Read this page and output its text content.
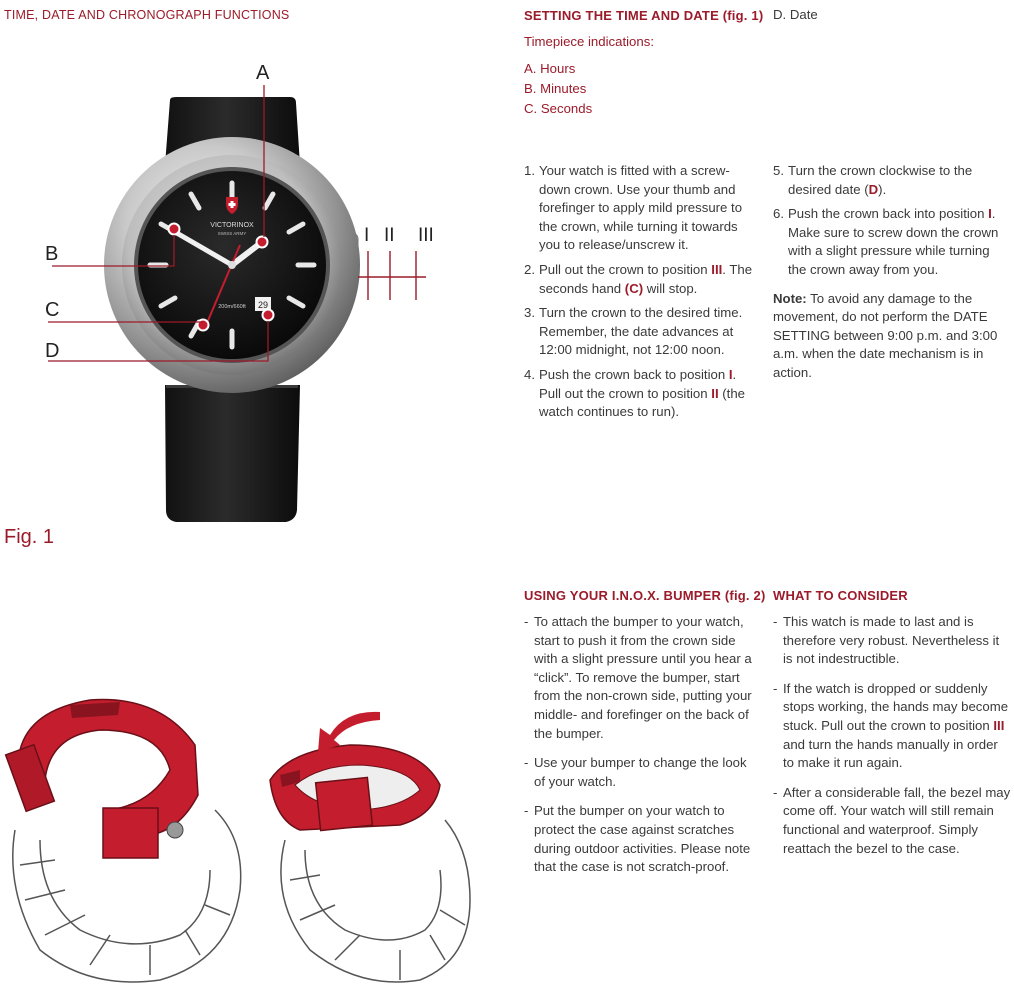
TIME, DATE AND CHRONOGRAPH FUNCTIONS
29
VICTORINOX
SWISS ARMY
200m/660ft
A
B
C
D
I II III
Fig. 1
SETTING THE TIME AND DATE (fig. 1) D. Date
Timepiece indications:
A. Hours
B. Minutes
C. Seconds
1. Your watch is fitted with a screw-down crown. Use your thumb and forefinger to apply mild pressure to the crown, while turning it towards you to release/unscrew it.
2. Pull out the crown to position III. The seconds hand (C) will stop.
3. Turn the crown to the desired time. Remember, the date advances at 12:00 midnight, not 12:00 noon.
4. Push the crown back to position I. Pull out the crown to position II (the watch continues to run).
5. Turn the crown clockwise to the desired date (D).
6. Push the crown back into position I. Make sure to screw down the crown with a slight pressure while turning the crown away from you.
Note: To avoid any damage to the movement, do not perform the DATE SETTING between 9:00 p.m. and 3:00 a.m. when the date mechanism is in action.
USING YOUR I.N.O.X. BUMPER (fig. 2)
- To attach the bumper to your watch, start to push it from the crown side with a slight pressure until you hear a “click”. To remove the bumper, start from the non-crown side, putting your middle- and forefinger on the back of the bumper.
- Use your bumper to change the look of your watch.
- Put the bumper on your watch to protect the case against scratches during outdoor activities. Please note that the case is not scratch-proof.
WHAT TO CONSIDER
- This watch is made to last and is therefore very robust. Nevertheless it is not indestructible.
- If the watch is dropped or suddenly stops working, the hands may become stuck. Pull out the crown to position III and turn the hands manually in order to make it run again.
- After a considerable fall, the bezel may come off. Your watch will still remain functional and waterproof. Simply reattach the bezel to the case.
